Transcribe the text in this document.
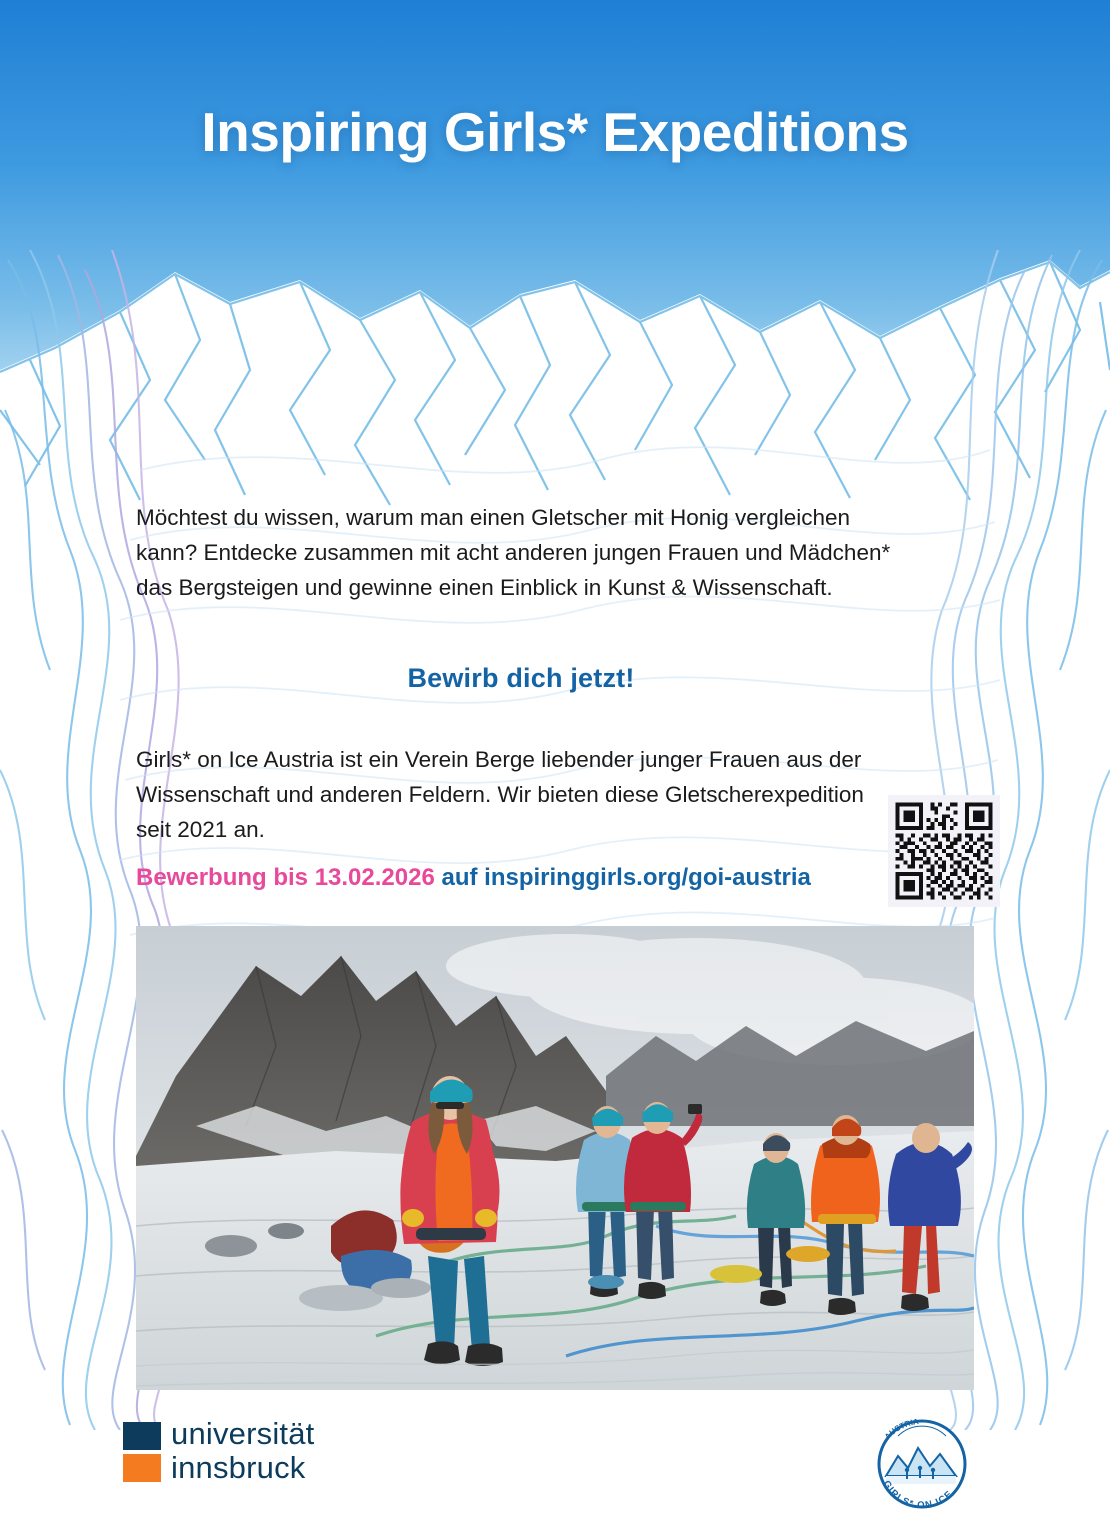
Inspiring Girls* Expeditions
Möchtest du wissen, warum man einen Gletscher mit Honig vergleichen kann? Entdecke zusammen mit acht anderen jungen Frauen und Mädchen* das Bergsteigen und gewinne einen Einblick in Kunst & Wissenschaft.
Bewirb dich jetzt!
Girls* on Ice Austria ist ein Verein Berge liebender junger Frauen aus der Wissenschaft und anderen Feldern. Wir bieten diese Gletscherexpedition seit 2021 an.
Bewerbung bis 13.02.2026 auf inspiringgirls.org/goi-austria
universität
innsbruck
AUSTRIA
GIRLS* ON ICE
